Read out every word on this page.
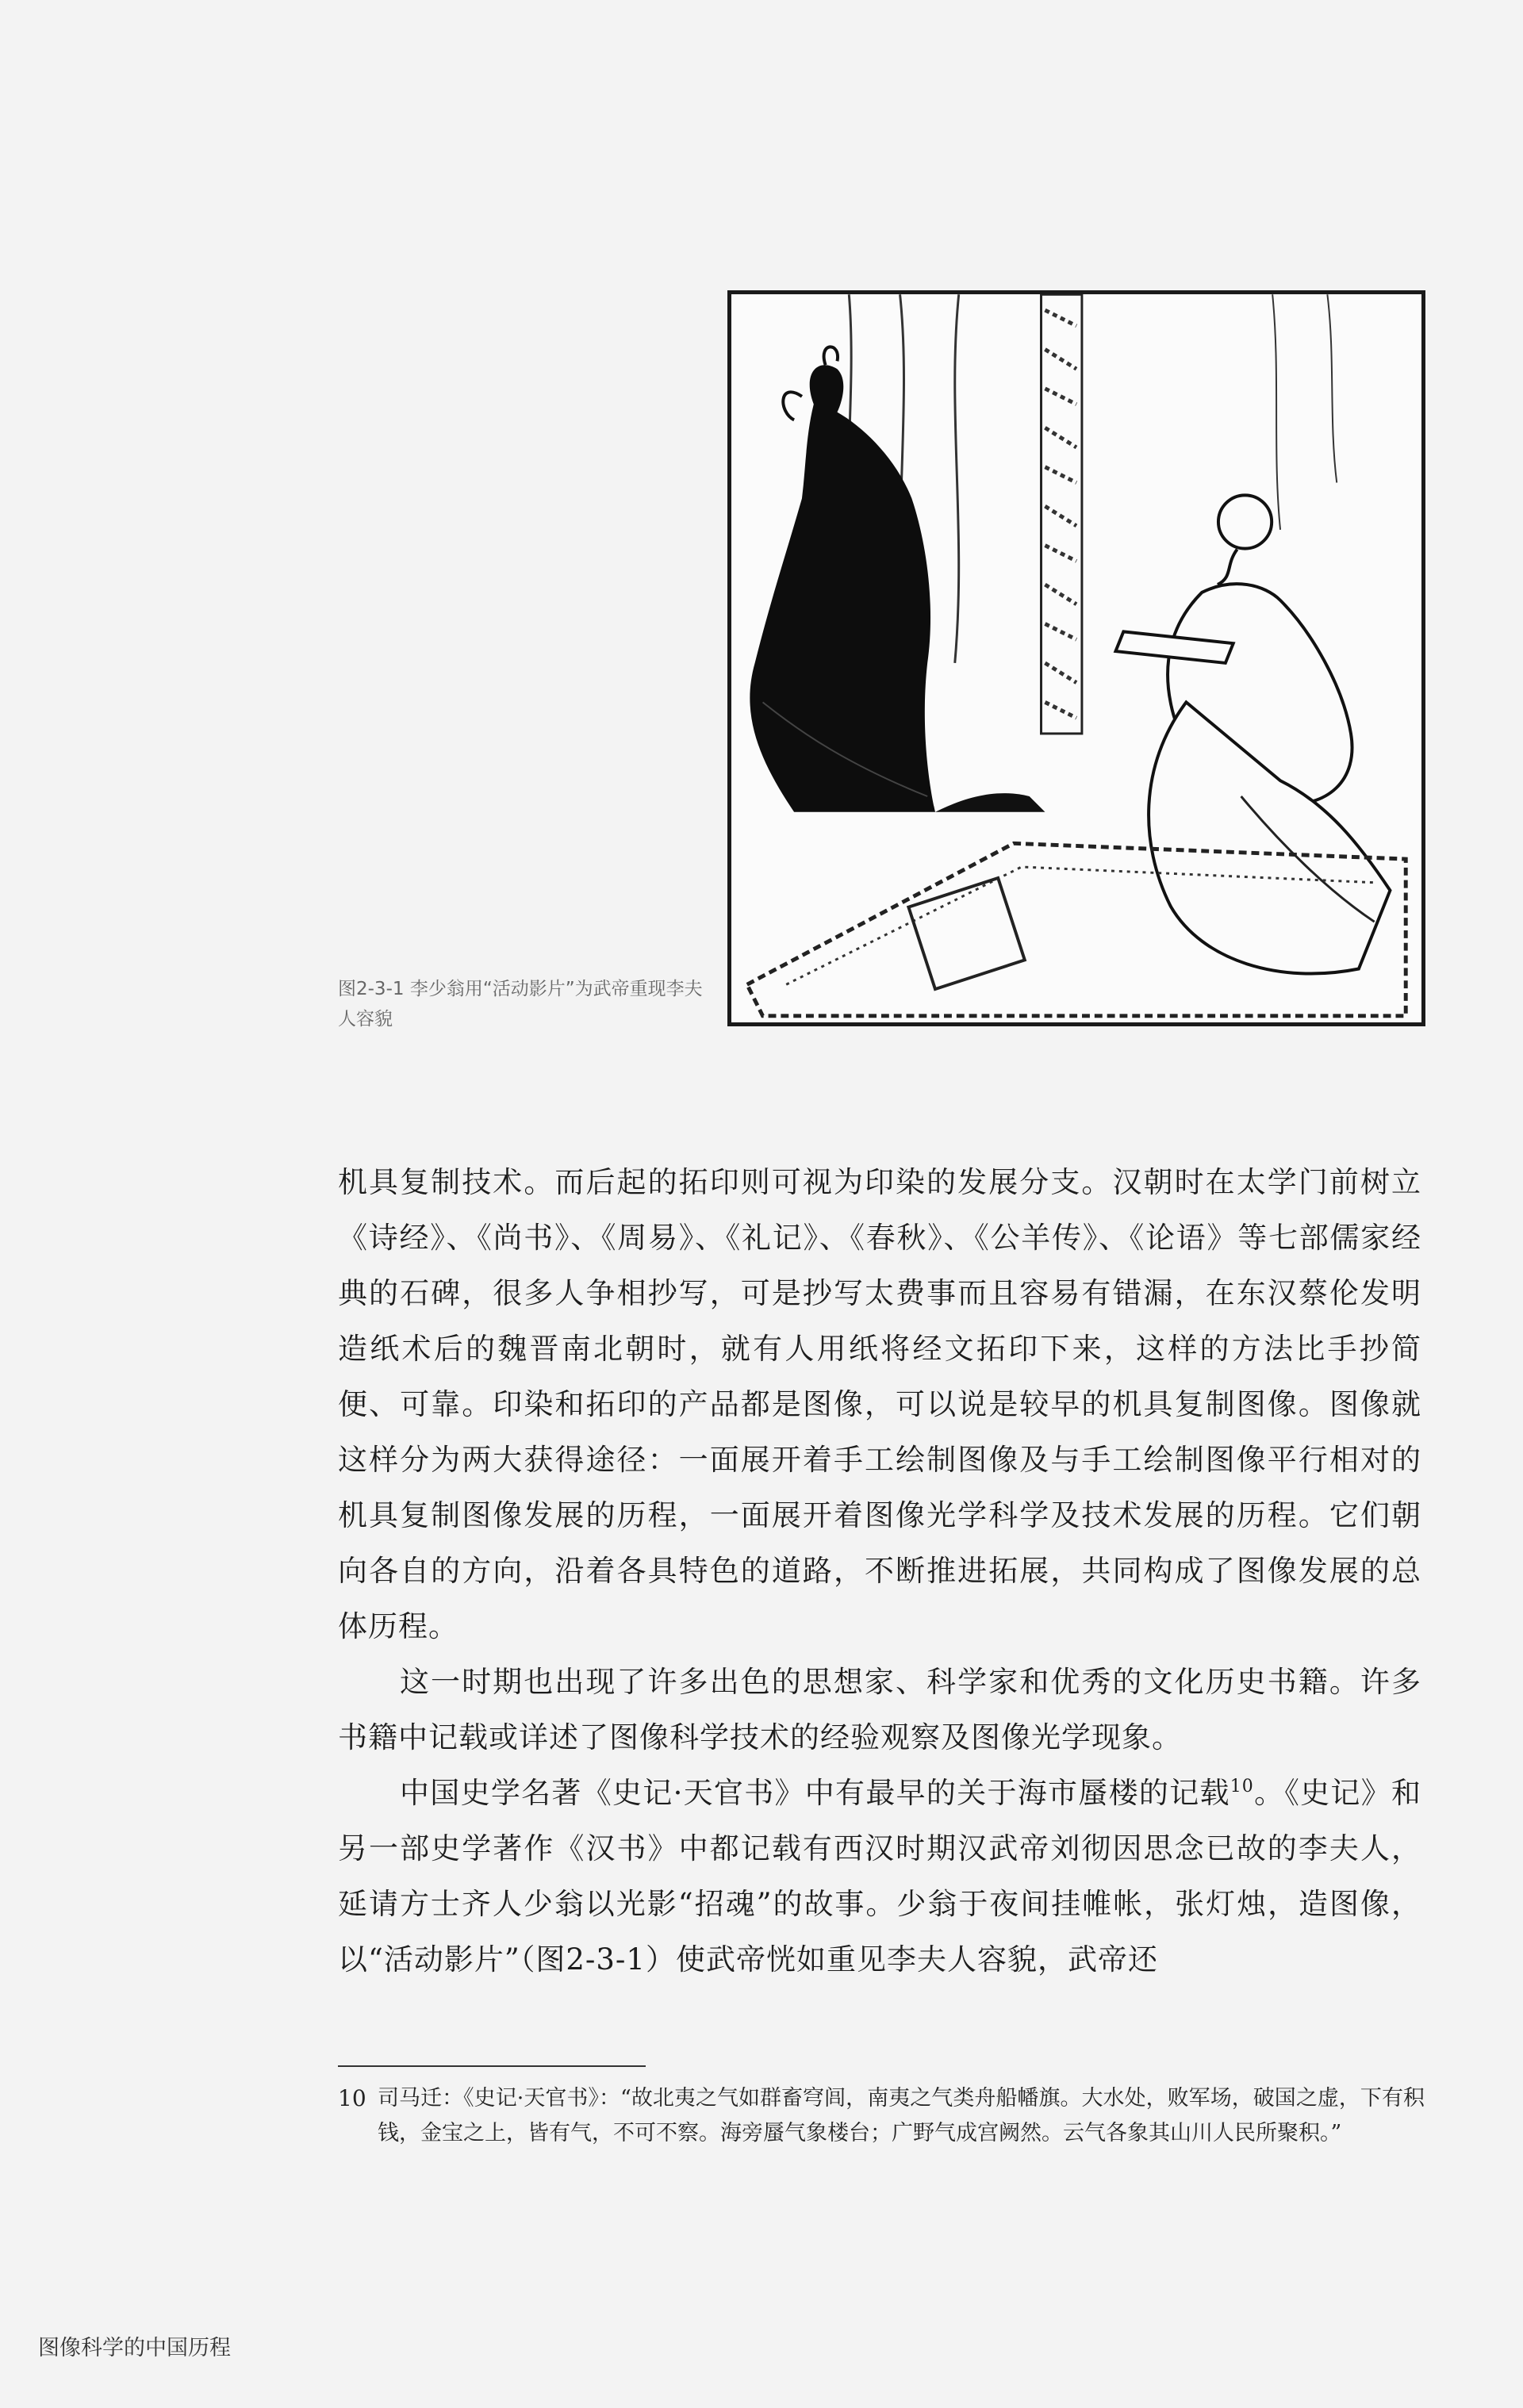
图2-3-1 李少翁用“活动影片”为武帝重现李夫人容貌

机具复制技术。而后起的拓印则可视为印染的发展分支。汉朝时在太学门前树立《诗经》、《尚书》、《周易》、《礼记》、《春秋》、《公羊传》、《论语》等七部儒家经典的石碑，很多人争相抄写，可是抄写太费事而且容易有错漏，在东汉蔡伦发明造纸术后的魏晋南北朝时，就有人用纸将经文拓印下来，这样的方法比手抄简便、可靠。印染和拓印的产品都是图像，可以说是较早的机具复制图像。图像就这样分为两大获得途径：一面展开着手工绘制图像及与手工绘制图像平行相对的机具复制图像发展的历程，一面展开着图像光学科学及技术发展的历程。它们朝向各自的方向，沿着各具特色的道路，不断推进拓展，共同构成了图像发展的总体历程。

这一时期也出现了许多出色的思想家、科学家和优秀的文化历史书籍。许多书籍中记载或详述了图像科学技术的经验观察及图像光学现象。

中国史学名著《史记·天官书》中有最早的关于海市蜃楼的记载$^{10}$。《史记》和另一部史学著作《汉书》中都记载有西汉时期汉武帝刘彻因思念已故的李夫人，延请方士齐人少翁以光影“招魂”的故事。少翁于夜间挂帷帐，张灯烛，造图像，以“活动影片”（图2-3-1）使武帝恍如重见李夫人容貌，武帝还

10 司马迁：《史记·天官书》：“故北夷之气如群畜穹闾，南夷之气类舟船幡旗。大水处，败军场，破国之虚，下有积钱，金宝之上，皆有气，不可不察。海旁蜃气象楼台；广野气成宫阙然。云气各象其山川人民所聚积。”
图像科学的中国历程
